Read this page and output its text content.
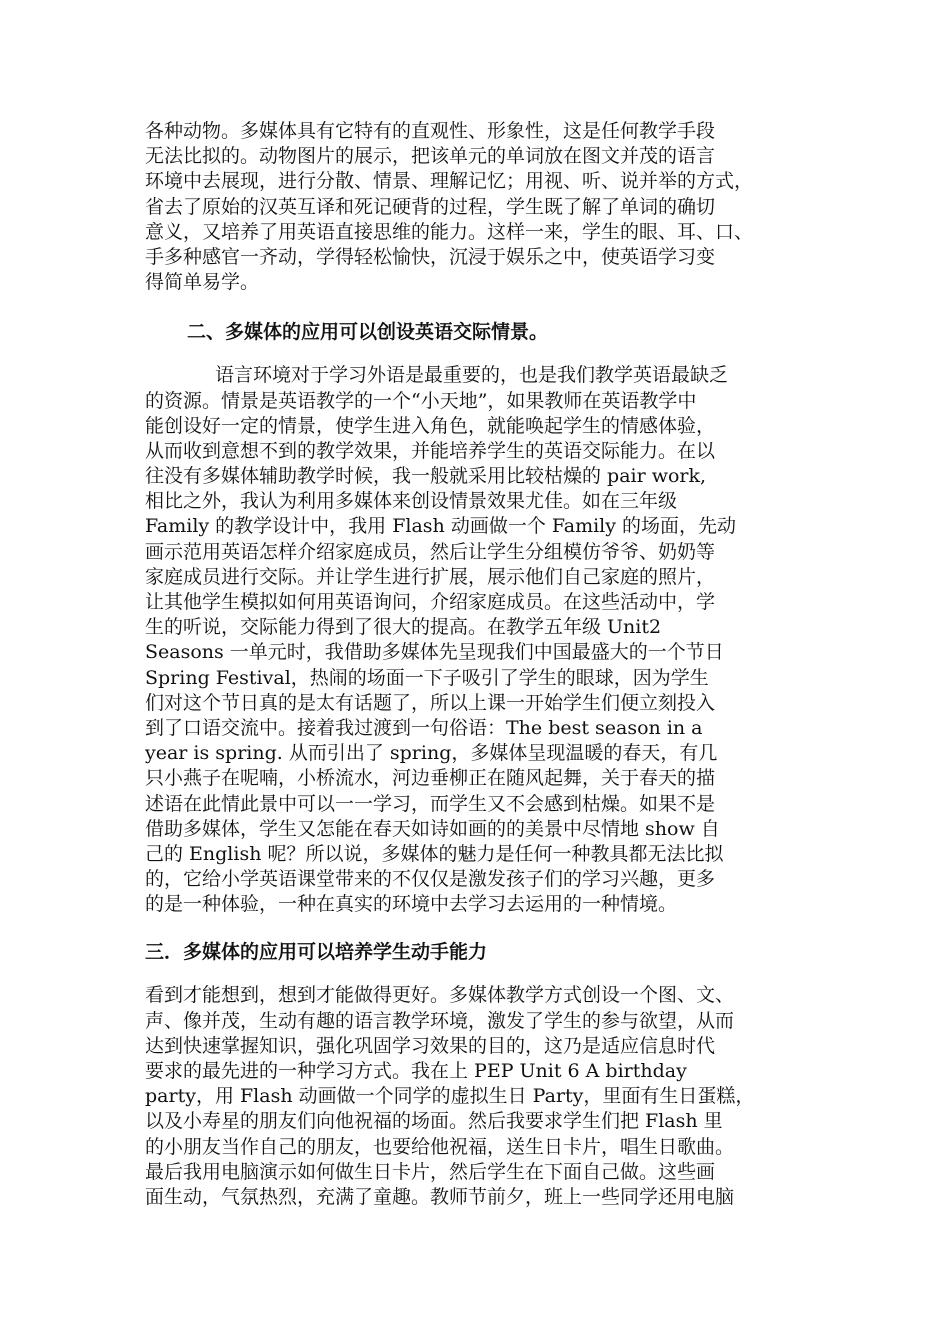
各种动物。多媒体具有它特有的直观性、形象性，这是任何教学手段
无法比拟的。动物图片的展示，把该单元的单词放在图文并茂的语言
环境中去展现，进行分散、情景、理解记忆；用视、听、说并举的方式，
省去了原始的汉英互译和死记硬背的过程，学生既了解了单词的确切
意义，又培养了用英语直接思维的能力。这样一来，学生的眼、耳、口、
手多种感官一齐动，学得轻松愉快，沉浸于娱乐之中，使英语学习变
得简单易学。
二、多媒体的应用可以创设英语交际情景。
语言环境对于学习外语是最重要的，也是我们教学英语最缺乏
的资源。情景是英语教学的一个“小天地”，如果教师在英语教学中
能创设好一定的情景，使学生进入角色，就能唤起学生的情感体验，
从而收到意想不到的教学效果，并能培养学生的英语交际能力。在以
往没有多媒体辅助教学时候，我一般就采用比较枯燥的 pair work,
相比之外，我认为利用多媒体来创设情景效果尤佳。如在三年级
Family 的教学设计中，我用 Flash 动画做一个 Family 的场面，先动
画示范用英语怎样介绍家庭成员，然后让学生分组模仿爷爷、奶奶等
家庭成员进行交际。并让学生进行扩展，展示他们自己家庭的照片，
让其他学生模拟如何用英语询问，介绍家庭成员。在这些活动中，学
生的听说，交际能力得到了很大的提高。在教学五年级 Unit2
Seasons 一单元时，我借助多媒体先呈现我们中国最盛大的一个节日
Spring Festival，热闹的场面一下子吸引了学生的眼球，因为学生
们对这个节日真的是太有话题了，所以上课一开始学生们便立刻投入
到了口语交流中。接着我过渡到一句俗语：The best season in a
year is spring. 从而引出了 spring，多媒体呈现温暖的春天，有几
只小燕子在呢喃，小桥流水，河边垂柳正在随风起舞，关于春天的描
述语在此情此景中可以一一学习，而学生又不会感到枯燥。如果不是
借助多媒体，学生又怎能在春天如诗如画的的美景中尽情地 show 自
己的 English 呢？所以说，多媒体的魅力是任何一种教具都无法比拟
的，它给小学英语课堂带来的不仅仅是激发孩子们的学习兴趣，更多
的是一种体验，一种在真实的环境中去学习去运用的一种情境。
三．多媒体的应用可以培养学生动手能力
看到才能想到，想到才能做得更好。多媒体教学方式创设一个图、文、
声、像并茂，生动有趣的语言教学环境，激发了学生的参与欲望，从而
达到快速掌握知识，强化巩固学习效果的目的，这乃是适应信息时代
要求的最先进的一种学习方式。我在上 PEP Unit 6 A birthday
party，用 Flash 动画做一个同学的虚拟生日 Party，里面有生日蛋糕，
以及小寿星的朋友们向他祝福的场面。然后我要求学生们把 Flash 里
的小朋友当作自己的朋友，也要给他祝福，送生日卡片，唱生日歌曲。
最后我用电脑演示如何做生日卡片，然后学生在下面自己做。这些画
面生动，气氛热烈，充满了童趣。教师节前夕，班上一些同学还用电脑
